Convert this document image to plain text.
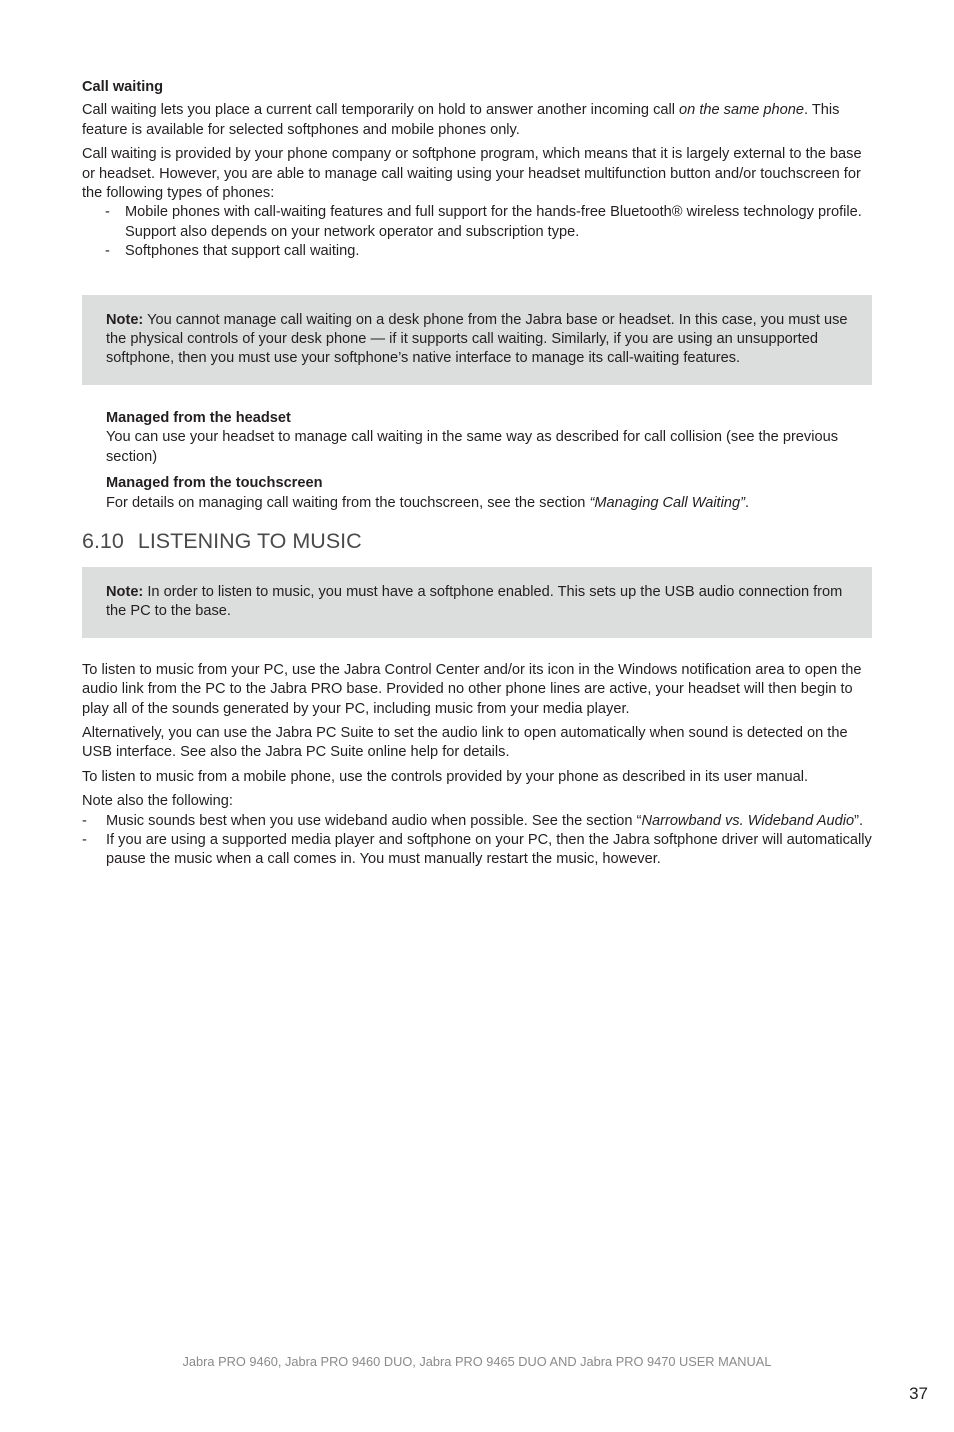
Call waiting

Call waiting lets you place a current call temporarily on hold to answer another incoming call on the same phone. This feature is available for selected softphones and mobile phones only.

Call waiting is provided by your phone company or softphone program, which means that it is largely external to the base or headset. However, you are able to manage call waiting using your headset multifunction button and/or touchscreen for the following types of phones:

- Mobile phones with call-waiting features and full support for the hands-free Bluetooth® wireless technology profile. Support also depends on your network operator and subscription type.
- Softphones that support call waiting.

Note: You cannot manage call waiting on a desk phone from the Jabra base or headset. In this case, you must use the physical controls of your desk phone — if it supports call waiting. Similarly, if you are using an unsupported softphone, then you must use your softphone’s native interface to manage its call-waiting features.

Managed from the headset

You can use your headset to manage call waiting in the same way as described for call collision (see the previous section)

Managed from the touchscreen

For details on managing call waiting from the touchscreen, see the section “Managing Call Waiting”.

6.10 LISTENING TO MUSIC

Note: In order to listen to music, you must have a softphone enabled. This sets up the USB audio connection from the PC to the base.

To listen to music from your PC, use the Jabra Control Center and/or its icon in the Windows notification area to open the audio link from the PC to the Jabra PRO base. Provided no other phone lines are active, your headset will then begin to play all of the sounds generated by your PC, including music from your media player.

Alternatively, you can use the Jabra PC Suite to set the audio link to open automatically when sound is detected on the USB interface. See also the Jabra PC Suite online help for details.

To listen to music from a mobile phone, use the controls provided by your phone as described in its user manual.

Note also the following:

- Music sounds best when you use wideband audio when possible. See the section “Narrowband vs. Wideband Audio”.
- If you are using a supported media player and softphone on your PC, then the Jabra softphone driver will automatically pause the music when a call comes in. You must manually restart the music, however.
Jabra PRO 9460, Jabra PRO 9460 DUO, Jabra PRO 9465 DUO AND Jabra PRO 9470 USER MANUAL
37
